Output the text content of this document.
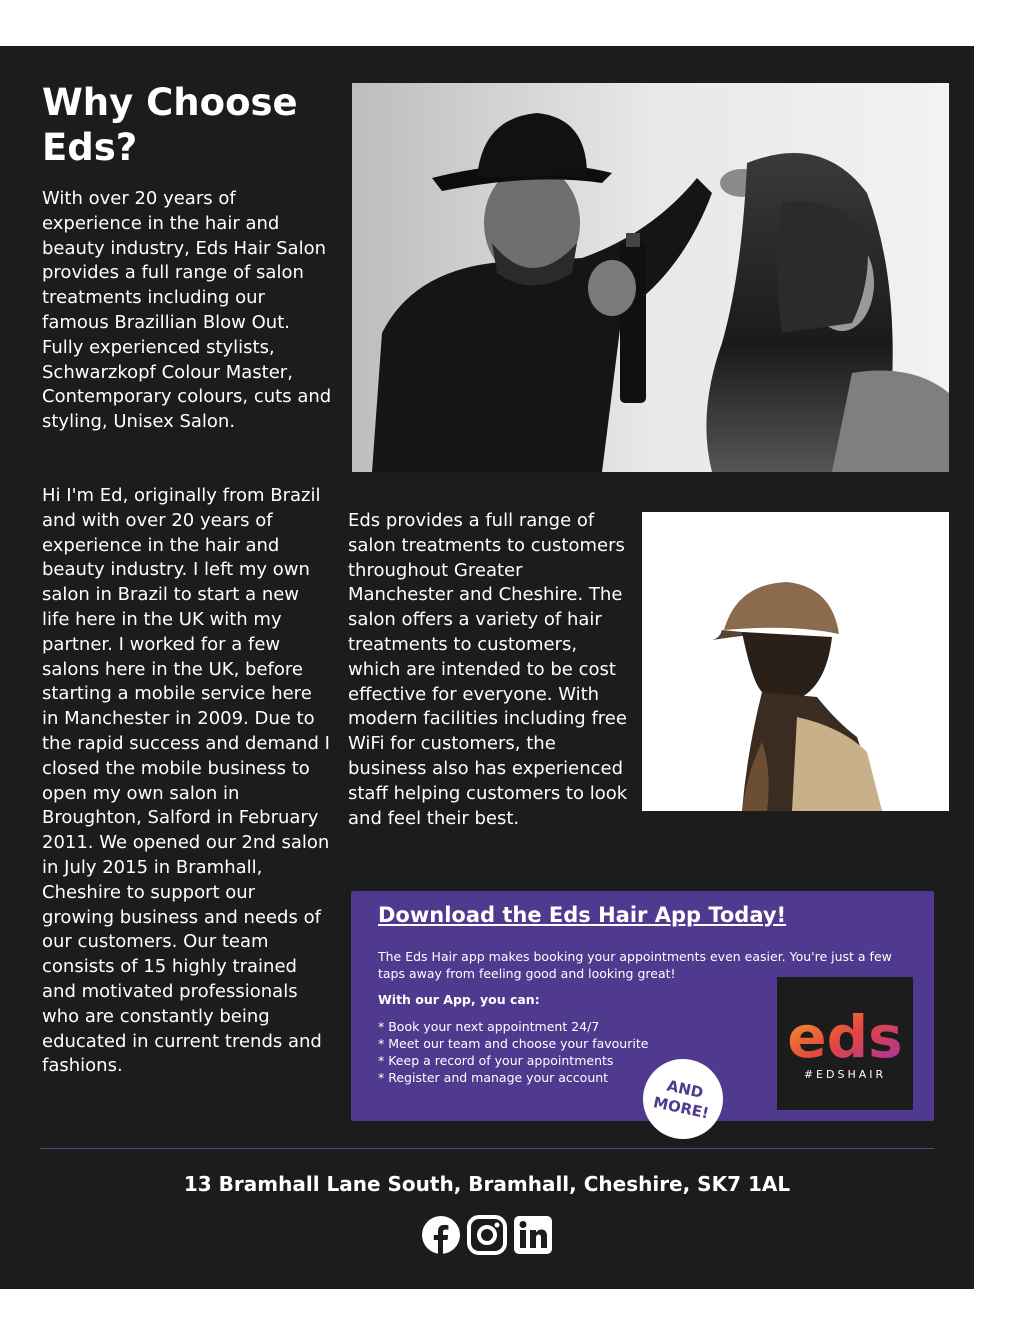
Why Choose Eds?

With over 20 years of experience in the hair and beauty industry, Eds Hair Salon provides a full range of salon treatments including our famous Brazillian Blow Out. Fully experienced stylists, Schwarzkopf Colour Master, Contemporary colours, cuts and styling, Unisex Salon.

Hi I'm Ed, originally from Brazil and with over 20 years of experience in the hair and beauty industry. I left my own salon in Brazil to start a new life here in the UK with my partner. I worked for a few salons here in the UK, before starting a mobile service here in Manchester in 2009. Due to the rapid success and demand I closed the mobile business to open my own salon in Broughton, Salford in February 2011. We opened our 2nd salon in July 2015 in Bramhall, Cheshire to support our growing business and needs of our customers. Our team consists of 15 highly trained and motivated professionals who are constantly being educated in current trends and fashions.

Eds provides a full range of salon treatments to customers throughout Greater Manchester and Cheshire. The salon offers a variety of hair treatments to customers, which are intended to be cost effective for everyone. With modern facilities including free WiFi for customers, the business also has experienced staff helping customers to look and feel their best.

Download the Eds Hair App Today!

The Eds Hair app makes booking your appointments even easier. You're just a few taps away from feeling good and looking great!

With our App, you can:

* Book your next appointment 24/7
* Meet our team and choose your favourite
* Keep a record of your appointments
* Register and manage your account	AND MORE!
eds
#EDSHAIR

13 Bramhall Lane South, Bramhall, Cheshire, SK7 1AL
